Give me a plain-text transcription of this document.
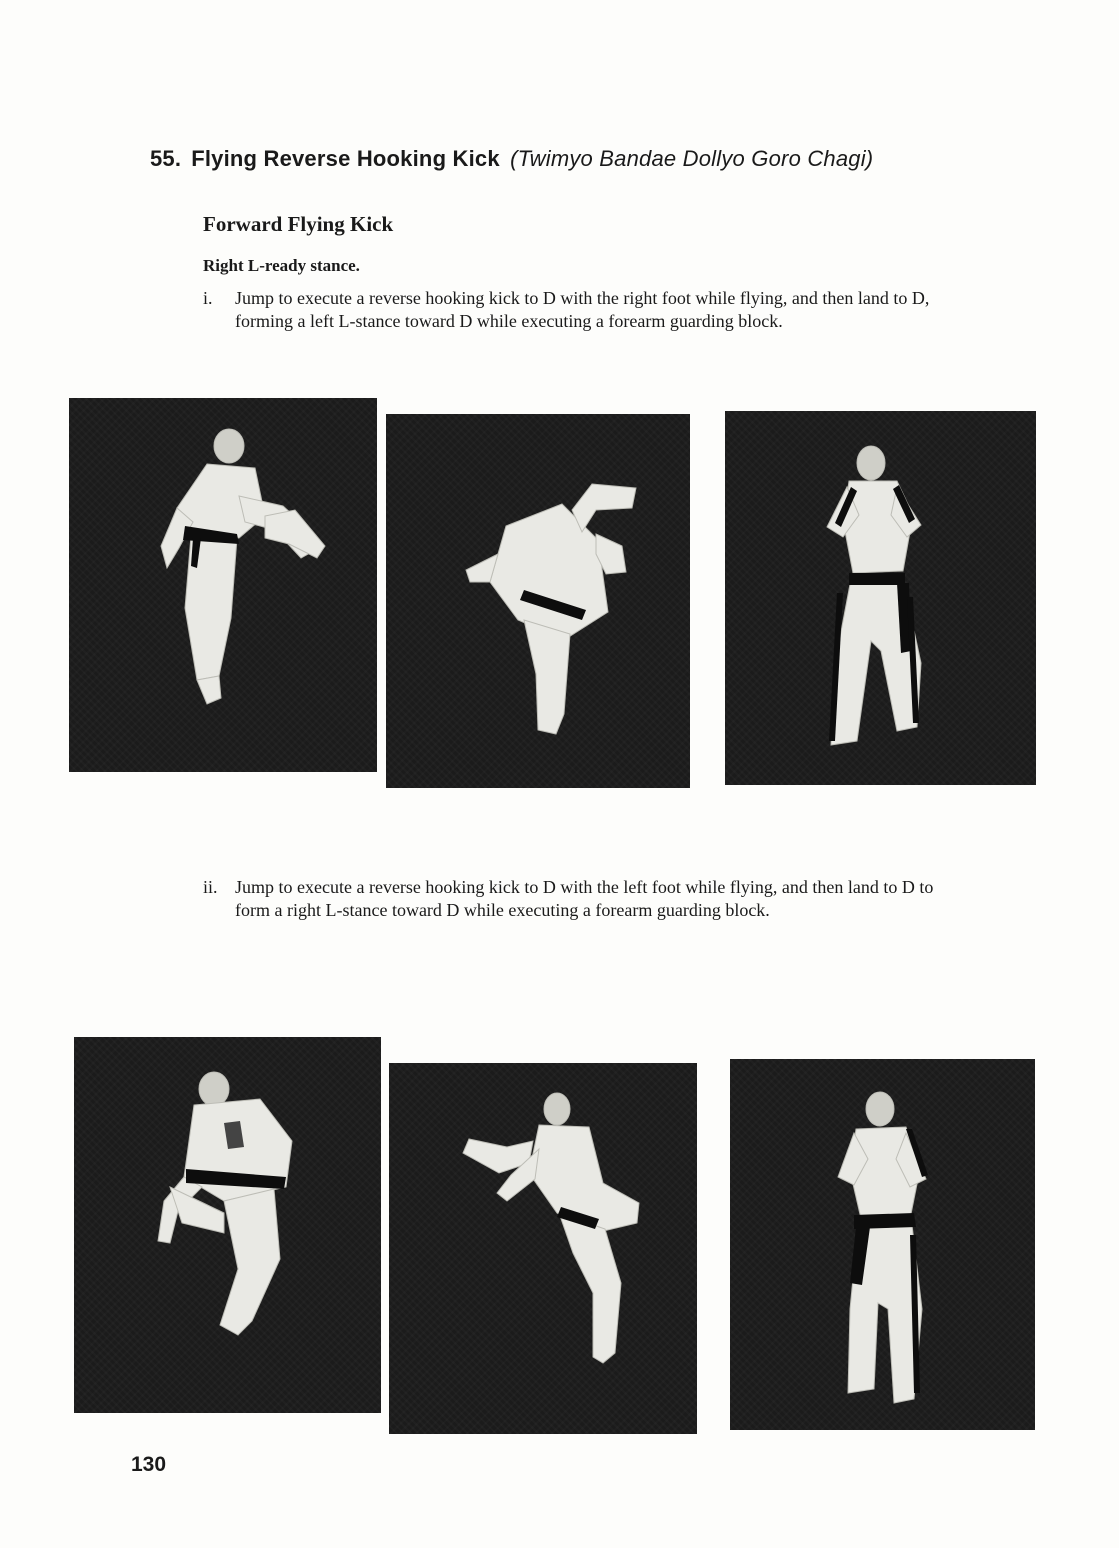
55. Flying Reverse Hooking Kick (Twimyo Bandae Dollyo Goro Chagi)
Forward Flying Kick
Right L-ready stance.
i.	Jump to execute a reverse hooking kick to D with the right foot while flying, and then land to D, forming a left L-stance toward D while executing a forearm guarding block.
ii. Jump to execute a reverse hooking kick to D with the left foot while flying, and then land to D to form a right L-stance toward D while executing a forearm guarding block.
130
